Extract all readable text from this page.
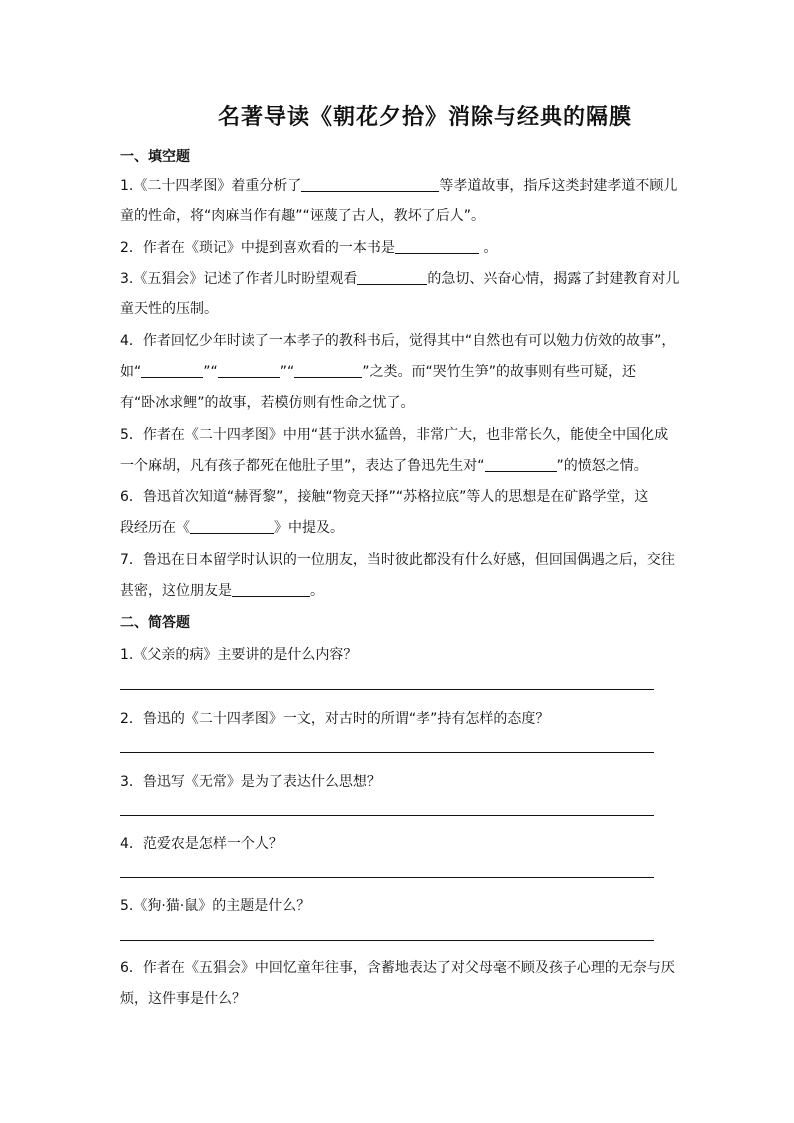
名著导读《朝花夕拾》消除与经典的隔膜
一、填空题

1.《二十四孝图》着重分析了	等孝道故事，指斥这类封建孝道不顾儿

童的性命，将“肉麻当作有趣”“诬蔑了古人，教坏了后人”。

2．作者在《琐记》中提到喜欢看的一本书是	。

3.《五猖会》记述了作者儿时盼望观看	的急切、兴奋心情，揭露了封建教育对儿

童天性的压制。

4．作者回忆少年时读了一本孝子的教科书后，觉得其中“自然也有可以勉力仿效的故事”，

如“	”“	”“	”之类。而“哭竹生笋”的故事则有些可疑，还

有“卧冰求鲤”的故事，若模仿则有性命之忧了。

5．作者在《二十四孝图》中用“甚于洪水猛兽，非常广大，也非常长久，能使全中国化成

一个麻胡，凡有孩子都死在他肚子里”，表达了鲁迅先生对“	”的愤怒之情。

6．鲁迅首次知道“赫胥黎”，接触“物竞天择”“苏格拉底”等人的思想是在矿路学堂，这

段经历在《	》中提及。

7．鲁迅在日本留学时认识的一位朋友，当时彼此都没有什么好感，但回国偶遇之后，交往

甚密，这位朋友是	。

二、简答题

1.《父亲的病》主要讲的是什么内容？

2．鲁迅的《二十四孝图》一文，对古时的所谓“孝”持有怎样的态度？

3．鲁迅写《无常》是为了表达什么思想？

4．范爱农是怎样一个人？

5.《狗·猫·鼠》的主题是什么？

6．作者在《五猖会》中回忆童年往事，含蓄地表达了对父母毫不顾及孩子心理的无奈与厌

烦，这件事是什么？
